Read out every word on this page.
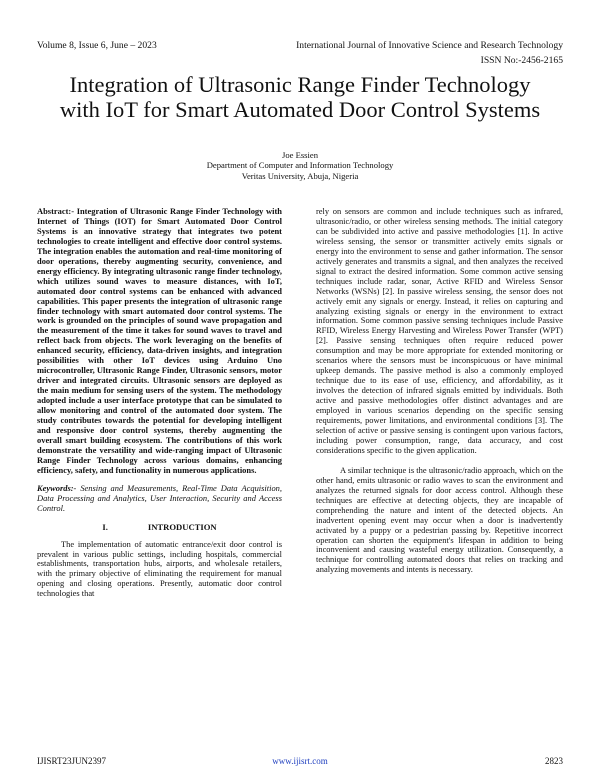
Volume 8, Issue 6, June – 2023	International Journal of Innovative Science and Research Technology
ISSN No:-2456-2165
Integration of Ultrasonic Range Finder Technology
with IoT for Smart Automated Door Control Systems
Joe Essien
Department of Computer and Information Technology
Veritas University, Abuja, Nigeria

Abstract:- Integration of Ultrasonic Range Finder Technology with Internet of Things (IOT) for Smart Automated Door Control Systems is an innovative strategy that integrates two potent technologies to create intelligent and effective door control systems. The integration enables the automation and real-time monitoring of door operations, thereby augmenting security, convenience, and energy efficiency. By integrating ultrasonic range finder technology, which utilizes sound waves to measure distances, with IoT, automated door control systems can be enhanced with advanced capabilities. This paper presents the integration of ultrasonic range finder technology with smart automated door control systems. The work is grounded on the principles of sound wave propagation and the measurement of the time it takes for sound waves to travel and reflect back from objects. The work leveraging on the benefits of enhanced security, efficiency, data-driven insights, and integration possibilities with other IoT devices using Arduino Uno microcontroller, Ultrasonic Range Finder, Ultrasonic sensors, motor driver and integrated circuits. Ultrasonic sensors are deployed as the main medium for sensing users of the system. The methodology adopted include a user interface prototype that can be simulated to allow monitoring and control of the automated door system. The study contributes towards the potential for developing intelligent and responsive door control systems, thereby augmenting the overall smart building ecosystem. The contributions of this work demonstrate the versatility and wide-ranging impact of Ultrasonic Range Finder Technology across various domains, enhancing efficiency, safety, and functionality in numerous applications.

Keywords:- Sensing and Measurements, Real-Time Data Acquisition, Data Processing and Analytics, User Interaction, Security and Access Control.

I.	INTRODUCTION

The implementation of automatic entrance/exit door control is prevalent in various public settings, including hospitals, commercial establishments, transportation hubs, airports, and wholesale retailers, with the primary objective of eliminating the requirement for manual opening and closing operations. Presently, automatic door control technologies that

rely on sensors are common and include techniques such as infrared, ultrasonic/radio, or other wireless sensing methods. The initial category can be subdivided into active and passive methodologies [1]. In active wireless sensing, the sensor or transmitter actively emits signals or energy into the environment to sense and gather information. The sensor actively generates and transmits a signal, and then analyzes the received signal to extract the desired information. Some common active sensing techniques include radar, sonar, Active RFID and Wireless Sensor Networks (WSNs) [2]. In passive wireless sensing, the sensor does not actively emit any signals or energy. Instead, it relies on capturing and analyzing existing signals or energy in the environment to extract information. Some common passive sensing techniques include Passive RFID, Wireless Energy Harvesting and Wireless Power Transfer (WPT) [2]. Passive sensing techniques often require reduced power consumption and may be more appropriate for extended monitoring or scenarios where the sensors must be inconspicuous or have minimal upkeep demands. The passive method is also a commonly employed technique due to its ease of use, efficiency, and affordability, as it involves the detection of infrared signals emitted by individuals. Both active and passive methodologies offer distinct advantages and are employed in various scenarios depending on the specific sensing requirements, power limitations, and environmental conditions [3]. The selection of active or passive sensing is contingent upon various factors, including power consumption, range, data accuracy, and cost considerations specific to the given application.

A similar technique is the ultrasonic/radio approach, which on the other hand, emits ultrasonic or radio waves to scan the environment and analyzes the returned signals for door access control. Although these techniques are effective at detecting objects, they are incapable of comprehending the nature and intent of the detected objects. An inadvertent opening event may occur when a door is inadvertently activated by a puppy or a pedestrian passing by. Repetitive incorrect operation can shorten the equipment's lifespan in addition to being inconvenient and causing wasteful energy utilization. Consequently, a technique for controlling automated doors that relies on tracking and analyzing movements and intents is necessary.

IJISRT23JUN2397	www.ijisrt.com	2823
